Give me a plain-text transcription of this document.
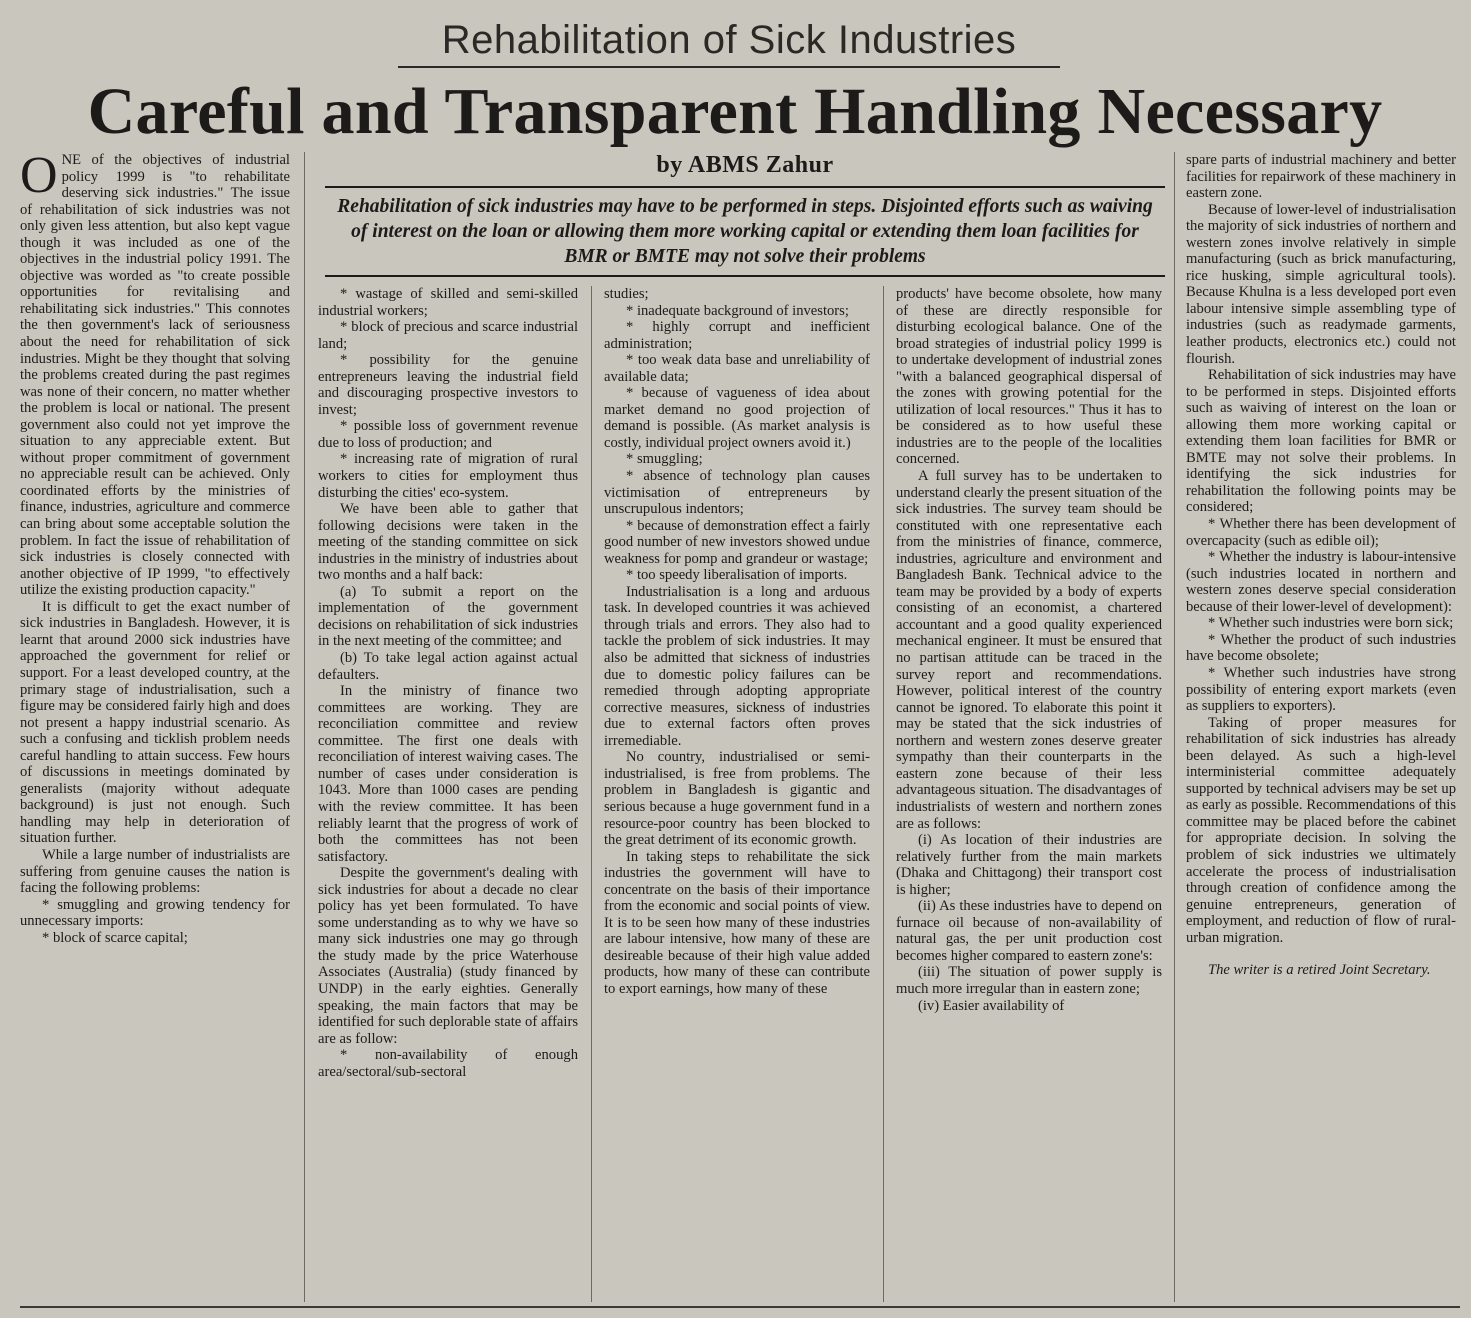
Rehabilitation of Sick Industries
Careful and Transparent Handling Necessary
by ABMS Zahur
Rehabilitation of sick industries may have to be performed in steps. Disjointed efforts such as waiving of interest on the loan or allowing them more working capital or extending them loan facilities for BMR or BMTE may not solve their problems
O NE of the objectives of industrial policy 1999 is "to rehabilitate deserving sick industries." The issue of rehabilitation of sick industries was not only given less attention, but also kept vague though it was included as one of the objectives in the industrial policy 1991. The objective was worded as "to create possible opportunities for revitalising and rehabilitating sick industries." This connotes the then government's lack of seriousness about the need for rehabilitation of sick industries. Might be they thought that solving the problems created during the past regimes was none of their concern, no matter whether the problem is local or national. The present government also could not yet improve the situation to any appreciable extent. But without proper commitment of government no appreciable result can be achieved. Only coordinated efforts by the ministries of finance, industries, agriculture and commerce can bring about some acceptable solution the problem. In fact the issue of rehabilitation of sick industries is closely connected with another objective of IP 1999, "to effectively utilize the existing production capacity."

It is difficult to get the exact number of sick industries in Bangladesh. However, it is learnt that around 2000 sick industries have approached the government for relief or support. For a least developed country, at the primary stage of industrialisation, such a figure may be considered fairly high and does not present a happy industrial scenario. As such a confusing and ticklish problem needs careful handling to attain success. Few hours of discussions in meetings dominated by generalists (majority without adequate background) is just not enough. Such handling may help in deterioration of situation further.

While a large number of industrialists are suffering from genuine causes the nation is facing the following problems:

* smuggling and growing tendency for unnecessary imports:

* block of scarce capital;

* wastage of skilled and semi-skilled industrial workers;

* block of precious and scarce industrial land;

* possibility for the genuine entrepreneurs leaving the industrial field and discouraging prospective investors to invest;

* possible loss of government revenue due to loss of production; and

* increasing rate of migration of rural workers to cities for employment thus disturbing the cities' eco-system.

We have been able to gather that following decisions were taken in the meeting of the standing committee on sick industries in the ministry of industries about two months and a half back:

(a) To submit a report on the implementation of the government decisions on rehabilitation of sick industries in the next meeting of the committee; and

(b) To take legal action against actual defaulters.

In the ministry of finance two committees are working. They are reconciliation committee and review committee. The first one deals with reconciliation of interest waiving cases. The number of cases under consideration is 1043. More than 1000 cases are pending with the review committee. It has been reliably learnt that the progress of work of both the committees has not been satisfactory.

Despite the government's dealing with sick industries for about a decade no clear policy has yet been formulated. To have some understanding as to why we have so many sick industries one may go through the study made by the price Waterhouse Associates (Australia) (study financed by UNDP) in the early eighties. Generally speaking, the main factors that may be identified for such deplorable state of affairs are as follow:

* non-availability of enough area/sectoral/sub-sectoral

studies;

* inadequate background of investors;

* highly corrupt and inefficient administration;

* too weak data base and unreliability of available data;

* because of vagueness of idea about market demand no good projection of demand is possible. (As market analysis is costly, individual project owners avoid it.)

* smuggling;

* absence of technology plan causes victimisation of entrepreneurs by unscrupulous indentors;

* because of demonstration effect a fairly good number of new investors showed undue weakness for pomp and grandeur or wastage;

* too speedy liberalisation of imports.

Industrialisation is a long and arduous task. In developed countries it was achieved through trials and errors. They also had to tackle the problem of sick industries. It may also be admitted that sickness of industries due to domestic policy failures can be remedied through adopting appropriate corrective measures, sickness of industries due to external factors often proves irremediable.

No country, industrialised or semi-industrialised, is free from problems. The problem in Bangladesh is gigantic and serious because a huge government fund in a resource-poor country has been blocked to the great detriment of its economic growth.

In taking steps to rehabilitate the sick industries the government will have to concentrate on the basis of their importance from the economic and social points of view. It is to be seen how many of these industries are labour intensive, how many of these are desireable because of their high value added products, how many of these can contribute to export earnings, how many of these

products' have become obsolete, how many of these are directly responsible for disturbing ecological balance. One of the broad strategies of industrial policy 1999 is to undertake development of industrial zones "with a balanced geographical dispersal of the zones with growing potential for the utilization of local resources." Thus it has to be considered as to how useful these industries are to the people of the localities concerned.

A full survey has to be undertaken to understand clearly the present situation of the sick industries. The survey team should be constituted with one representative each from the ministries of finance, commerce, industries, agriculture and environment and Bangladesh Bank. Technical advice to the team may be provided by a body of experts consisting of an economist, a chartered accountant and a good quality experienced mechanical engineer. It must be ensured that no partisan attitude can be traced in the survey report and recommendations. However, political interest of the country cannot be ignored. To elaborate this point it may be stated that the sick industries of northern and western zones deserve greater sympathy than their counterparts in the eastern zone because of their less advantageous situation. The disadvantages of industrialists of western and northern zones are as follows:

(i) As location of their industries are relatively further from the main markets (Dhaka and Chittagong) their transport cost is higher;

(ii) As these industries have to depend on furnace oil because of non-availability of natural gas, the per unit production cost becomes higher compared to eastern zone's:

(iii) The situation of power supply is much more irregular than in eastern zone;

(iv) Easier availability of

spare parts of industrial machinery and better facilities for repairwork of these machinery in eastern zone.

Because of lower-level of industrialisation the majority of sick industries of northern and western zones involve relatively in simple manufacturing (such as brick manufacturing, rice husking, simple agricultural tools). Because Khulna is a less developed port even labour intensive simple assembling type of industries (such as readymade garments, leather products, electronics etc.) could not flourish.

Rehabilitation of sick industries may have to be performed in steps. Disjointed efforts such as waiving of interest on the loan or allowing them more working capital or extending them loan facilities for BMR or BMTE may not solve their problems. In identifying the sick industries for rehabilitation the following points may be considered;

* Whether there has been development of overcapacity (such as edible oil);

* Whether the industry is labour-intensive (such industries located in northern and western zones deserve special consideration because of their lower-level of development):

* Whether such industries were born sick;

* Whether the product of such industries have become obsolete;

* Whether such industries have strong possibility of entering export markets (even as suppliers to exporters).

Taking of proper measures for rehabilitation of sick industries has already been delayed. As such a high-level interministerial committee adequately supported by technical advisers may be set up as early as possible. Recommendations of this committee may be placed before the cabinet for appropriate decision. In solving the problem of sick industries we ultimately accelerate the process of industrialisation through creation of confidence among the genuine entrepreneurs, generation of employment, and reduction of flow of rural-urban migration.

The writer is a retired Joint Secretary.
